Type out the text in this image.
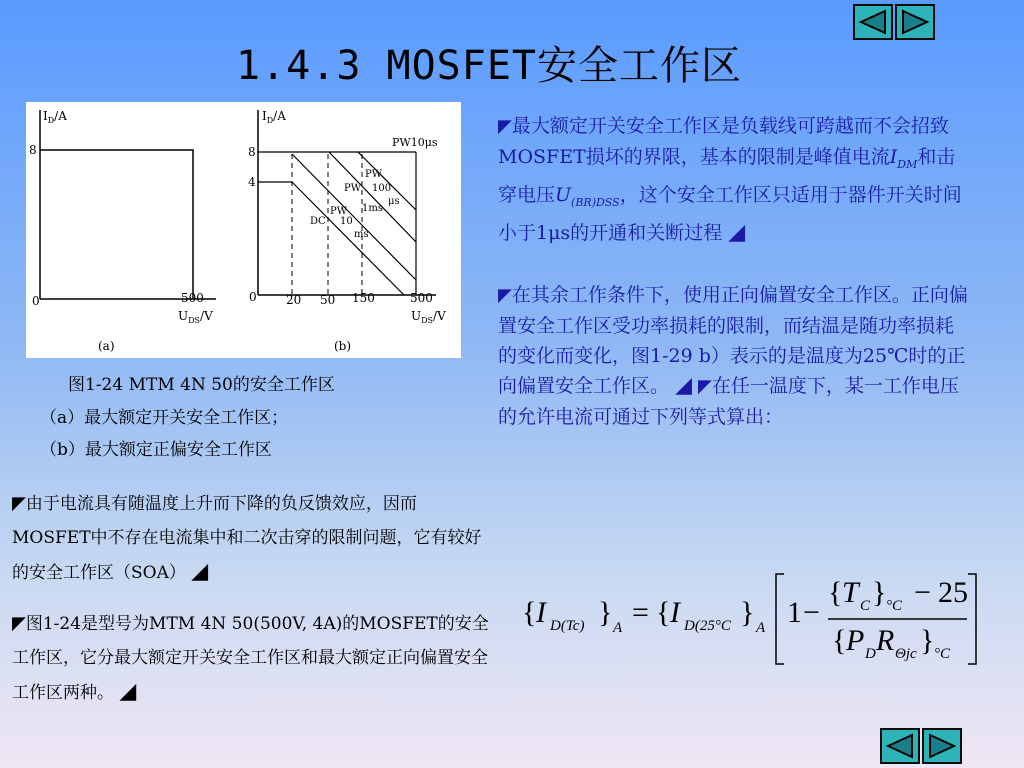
1.4.3 MOSFET安全工作区
$I_D/A$
8
0	500
$U_{DS}/V$
(a)
$I_D/A$
PW10μs
8
4
0 20 50 150	500
$U_{DS}/V$
(b)
PW
100
μs
PW
1ms
PW
10
ms
DC
图1-24 MTM 4N 50的安全工作区
（a）最大额定开关安全工作区；
（b）最大额定正偏安全工作区
◤最大额定开关安全工作区是负载线可跨越而不会招致MOSFET损坏的界限，基本的限制是峰值电流$I_{DM}$和击穿电压$U_{(BR)DSS}$，这个安全工作区只适用于器件开关时间小于1μs的开通和关断过程 ◢
◤在其余工作条件下，使用正向偏置安全工作区。正向偏置安全工作区受功率损耗的限制，而结温是随功率损耗的变化而变化，图1-29 b）表示的是温度为25℃时的正向偏置安全工作区。 ◢ ◤在任一温度下，某一工作电压的允许电流可通过下列等式算出：
◤由于电流具有随温度上升而下降的负反馈效应，因而MOSFET中不存在电流集中和二次击穿的限制问题，它有较好的安全工作区（SOA） ◢
◤图1-24是型号为MTM 4N 50(500V, 4A)的MOSFET的安全工作区，它分最大额定开关安全工作区和最大额定正向偏置安全工作区两种。 ◢
{ I D(Tc) } A = { I D(25°C } A 1 −
{ T C } °C − 25
{ P D R Θjc } °C
